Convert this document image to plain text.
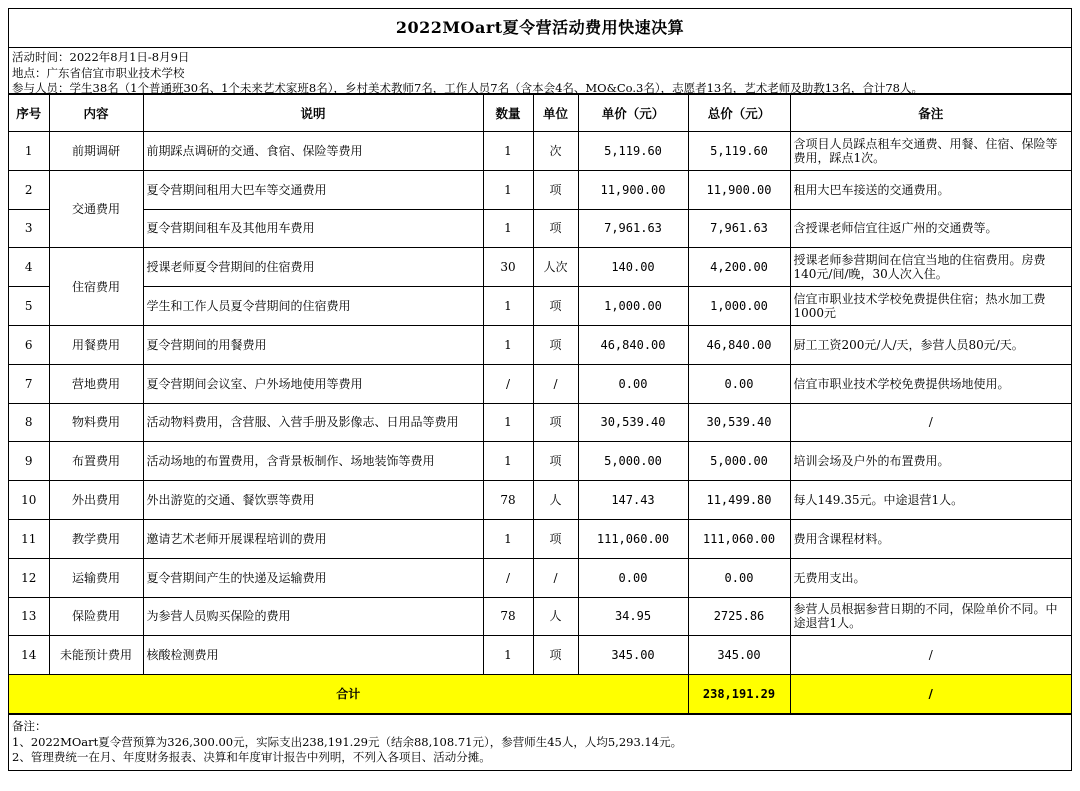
2022MOart夏令营活动费用快速决算
活动时间：2022年8月1日-8月9日
地点：广东省信宜市职业技术学校
参与人员：学生38名（1个普通班30名、1个未来艺术家班8名），乡村美术教师7名，工作人员7名（含本会4名、MO&Co.3名），志愿者13名，艺术老师及助教13名，合计78人。
序号	内容	说明	数量	单位	单价（元）	总价（元）	备注
1	前期调研	前期踩点调研的交通、食宿、保险等费用	1	次	5,119.60	5,119.60	含项目人员踩点租车交通费、用餐、住宿、保险等费用，踩点1次。
2	交通费用	夏令营期间租用大巴车等交通费用	1	项	11,900.00	11,900.00	租用大巴车接送的交通费用。
3		夏令营期间租车及其他用车费用	1	项	7,961.63	7,961.63	含授课老师信宜往返广州的交通费等。
4	住宿费用	授课老师夏令营期间的住宿费用	30	人次	140.00	4,200.00	授课老师参营期间在信宜当地的住宿费用。房费140元/间/晚，30人次入住。
5		学生和工作人员夏令营期间的住宿费用	1	项	1,000.00	1,000.00	信宜市职业技术学校免费提供住宿；热水加工费1000元
6	用餐费用	夏令营期间的用餐费用	1	项	46,840.00	46,840.00	厨工工资200元/人/天，参营人员80元/天。
7	营地费用	夏令营期间会议室、户外场地使用等费用	/	/	0.00	0.00	信宜市职业技术学校免费提供场地使用。
8	物料费用	活动物料费用，含营服、入营手册及影像志、日用品等费用	1	项	30,539.40	30,539.40	/
9	布置费用	活动场地的布置费用，含背景板制作、场地装饰等费用	1	项	5,000.00	5,000.00	培训会场及户外的布置费用。
10	外出费用	外出游览的交通、餐饮票等费用	78	人	147.43	11,499.80	每人149.35元。中途退营1人。
11	教学费用	邀请艺术老师开展课程培训的费用	1	项	111,060.00	111,060.00	费用含课程材料。
12	运输费用	夏令营期间产生的快递及运输费用	/	/	0.00	0.00	无费用支出。
13	保险费用	为参营人员购买保险的费用	78	人	34.95	2725.86	参营人员根据参营日期的不同，保险单价不同。中途退营1人。
14	未能预计费用	核酸检测费用	1	项	345.00	345.00	/
合计						238,191.29	/
备注：
1、2022MOart夏令营预算为326,300.00元，实际支出238,191.29元（结余88,108.71元），参营师生45人，人均5,293.14元。
2、管理费统一在月、年度财务报表、决算和年度审计报告中列明，不列入各项目、活动分摊。
